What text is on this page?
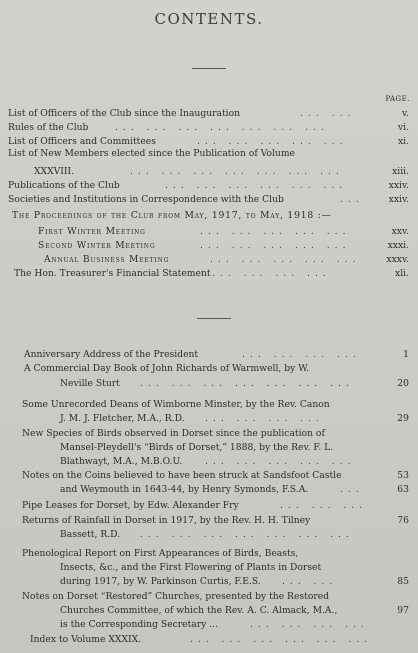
CONTENTS.
PAGE.
List of Officers of the Club since the Inauguration	... ...	v.
Rules of the Club	... ... ... ... ... ... ...	vi.
List of Officers and Committees	... ... ... ... ...	xi.
List of New Members elected since the Publication of Volume
XXXVIII.	... ... ... ... ... ... ...	xiii.
Publications of the Club	... ... ... ... ... ...	xxiv.
Societies and Institutions in Correspondence with the Club	...	xxiv.
The Proceedings of the Club from May, 1917, to May, 1918 :—
First Winter Meeting	... ... ... ... ...	xxv.
Second Winter Meeting	... ... ... ... ...	xxxi.
Annual Business Meeting	... ... ... ... ...	xxxv.
The Hon. Treasurer's Financial Statement ... ... ... ...	xli.
Anniversary Address of the President	... ... ... ...	1
A Commercial Day Book of John Richards of Warmwell, by W.
Neville Sturt ... ... ... ... ... ... ...	20
Some Unrecorded Deans of Wimborne Minster, by the Rev. Canon
J. M. J. Fletcher, M.A., R.D. ... ... ... ...	29
New Species of Birds observed in Dorset since the publication of
Mansel-Pleydell's “Birds of Dorset,” 1888, by the Rev. F. L.
Blathwayt, M.A., M.B.O.U. ... ... ... ... ...
Notes on the Coins believed to have been struck at Sandsfoot Castle	53
and Weymouth in 1643-44, by Henry Symonds, F.S.A.	...	63
Pipe Leases for Dorset, by Edw. Alexander Fry	... ... ...
Returns of Rainfall in Dorset in 1917, by the Rev. H. H. Tilney	76
Bassett, R.D. ... ... ... ... ... ... ...
Phenological Report on First Appearances of Birds, Beasts,
Insects, &c., and the First Flowering of Plants in Dorset
during 1917, by W. Parkinson Curtis, F.E.S. ... ...	85
Notes on Dorset “Restored” Churches, presented by the Restored
Churches Committee, of which the Rev. A. C. Almack, M.A.,	97
is the Corresponding Secretary ...	... ... ... ...
Index to Volume XXXIX.	... ... ... ... ... ...
